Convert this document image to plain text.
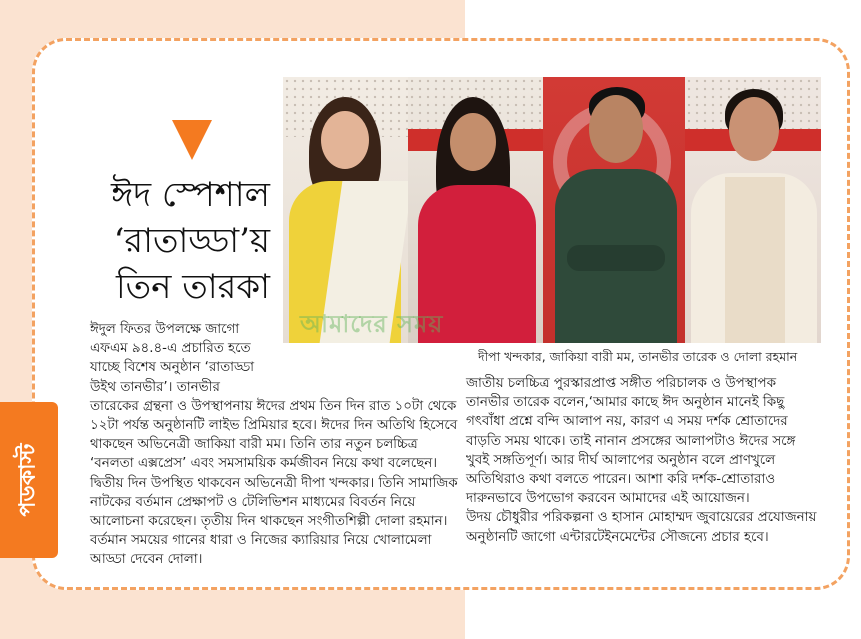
পডকাস্ট
ঈদ স্পেশাল
‘রাতাড্ডা’য়
তিন তারকা
আমাদের সময়
দীপা খন্দকার, জাকিয়া বারী মম, তানভীর তারেক ও দোলা রহমান

ঈদুল ফিতর উপলক্ষে জাগো এফএম ৯৪.৪-এ প্রচারিত হতে যাচ্ছে বিশেষ অনুষ্ঠান ‘রাতাড্ডা উইথ তানভীর’। তানভীর

তারেকের গ্রন্থনা ও উপস্থাপনায় ঈদের প্রথম তিন দিন রাত ১০টা থেকে ১২টা পর্যন্ত অনুষ্ঠানটি লাইভ প্রিমিয়ার হবে। ঈদের দিন অতিথি হিসেবে থাকছেন অভিনেত্রী জাকিয়া বারী মম। তিনি তার নতুন চলচ্চিত্র ‘বনলতা এক্সপ্রেস’ এবং সমসাময়িক কর্মজীবন নিয়ে কথা বলেছেন।

দ্বিতীয় দিন উপস্থিত থাকবেন অভিনেত্রী দীপা খন্দকার। তিনি সামাজিক নাটকের বর্তমান প্রেক্ষাপট ও টেলিভিশন মাধ্যমের বিবর্তন নিয়ে আলোচনা করেছেন। তৃতীয় দিন থাকছেন সংগীতশিল্পী দোলা রহমান। বর্তমান সময়ের গানের ধারা ও নিজের ক্যারিয়ার নিয়ে খোলামেলা আড্ডা দেবেন দোলা।

জাতীয় চলচ্চিত্র পুরস্কারপ্রাপ্ত সঙ্গীত পরিচালক ও উপস্থাপক তানভীর তারেক বলেন,‘আমার কাছে ঈদ অনুষ্ঠান মানেই কিছু গৎবাঁধা প্রশ্নে বন্দি আলাপ নয়, কারণ এ সময় দর্শক শ্রোতাদের বাড়তি সময় থাকে। তাই নানান প্রসঙ্গের আলাপটাও ঈদের সঙ্গে খুবই সঙ্গতিপূর্ণ। আর দীর্ঘ আলাপের অনুষ্ঠান বলে প্রাণখুলে অতিথিরাও কথা বলতে পারেন। আশা করি দর্শক-শ্রোতারাও দারুনভাবে উপভোগ করবেন আমাদের এই আয়োজন।

উদয় চৌধুরীর পরিকল্পনা ও হাসান মোহাম্মদ জুবায়েরের প্রযোজনায় অনুষ্ঠানটি জাগো এন্টারটেইনমেন্টের সৌজন্যে প্রচার হবে।
